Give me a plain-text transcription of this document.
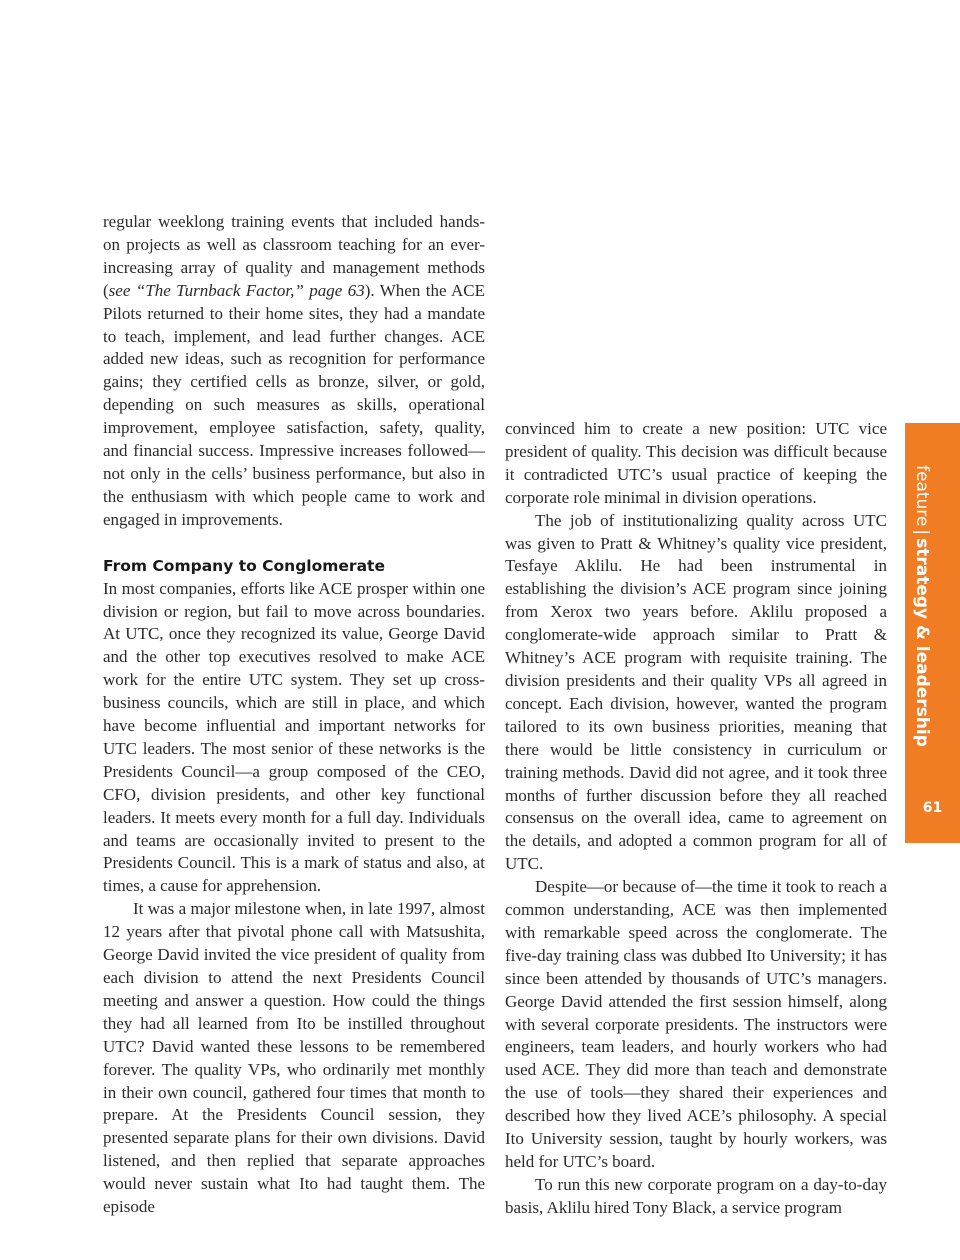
regular weeklong training events that included hands-on projects as well as classroom teaching for an ever-increasing array of quality and management methods (see “The Turnback Factor,” page 63). When the ACE Pilots returned to their home sites, they had a mandate to teach, implement, and lead further changes. ACE added new ideas, such as recognition for performance gains; they certified cells as bronze, silver, or gold, depending on such measures as skills, operational improvement, employee satisfaction, safety, quality, and financial success. Impressive increases followed—not only in the cells’ business performance, but also in the enthusiasm with which people came to work and engaged in improvements.

From Company to Conglomerate

In most companies, efforts like ACE prosper within one division or region, but fail to move across boundaries. At UTC, once they recognized its value, George David and the other top executives resolved to make ACE work for the entire UTC system. They set up cross-business councils, which are still in place, and which have become influential and important networks for UTC leaders. The most senior of these networks is the Presidents Council—a group composed of the CEO, CFO, division presidents, and other key functional leaders. It meets every month for a full day. Individuals and teams are occasionally invited to present to the Presidents Council. This is a mark of status and also, at times, a cause for apprehension.

It was a major milestone when, in late 1997, almost 12 years after that pivotal phone call with Matsushita, George David invited the vice president of quality from each division to attend the next Presidents Council meeting and answer a question. How could the things they had all learned from Ito be instilled throughout UTC? David wanted these lessons to be remembered forever. The quality VPs, who ordinarily met monthly in their own council, gathered four times that month to prepare. At the Presidents Council session, they presented separate plans for their own divisions. David listened, and then replied that separate approaches would never sustain what Ito had taught them. The episode

convinced him to create a new position: UTC vice president of quality. This decision was difficult because it contradicted UTC’s usual practice of keeping the corporate role minimal in division operations.

The job of institutionalizing quality across UTC was given to Pratt & Whitney’s quality vice president, Tesfaye Aklilu. He had been instrumental in establishing the division’s ACE program since joining from Xerox two years before. Aklilu proposed a conglomerate-wide approach similar to Pratt & Whitney’s ACE program with requisite training. The division presidents and their quality VPs all agreed in concept. Each division, however, wanted the program tailored to its own business priorities, meaning that there would be little consistency in curriculum or training methods. David did not agree, and it took three months of further discussion before they all reached consensus on the overall idea, came to agreement on the details, and adopted a common program for all of UTC.

Despite—or because of—the time it took to reach a common understanding, ACE was then implemented with remarkable speed across the conglomerate. The five-day training class was dubbed Ito University; it has since been attended by thousands of UTC’s managers. George David attended the first session himself, along with several corporate presidents. The instructors were engineers, team leaders, and hourly workers who had used ACE. They did more than teach and demonstrate the use of tools—they shared their experiences and described how they lived ACE’s philosophy. A special Ito University session, taught by hourly workers, was held for UTC’s board.

To run this new corporate program on a day-to-day basis, Aklilu hired Tony Black, a service program

feature|strategy & leadership
61
